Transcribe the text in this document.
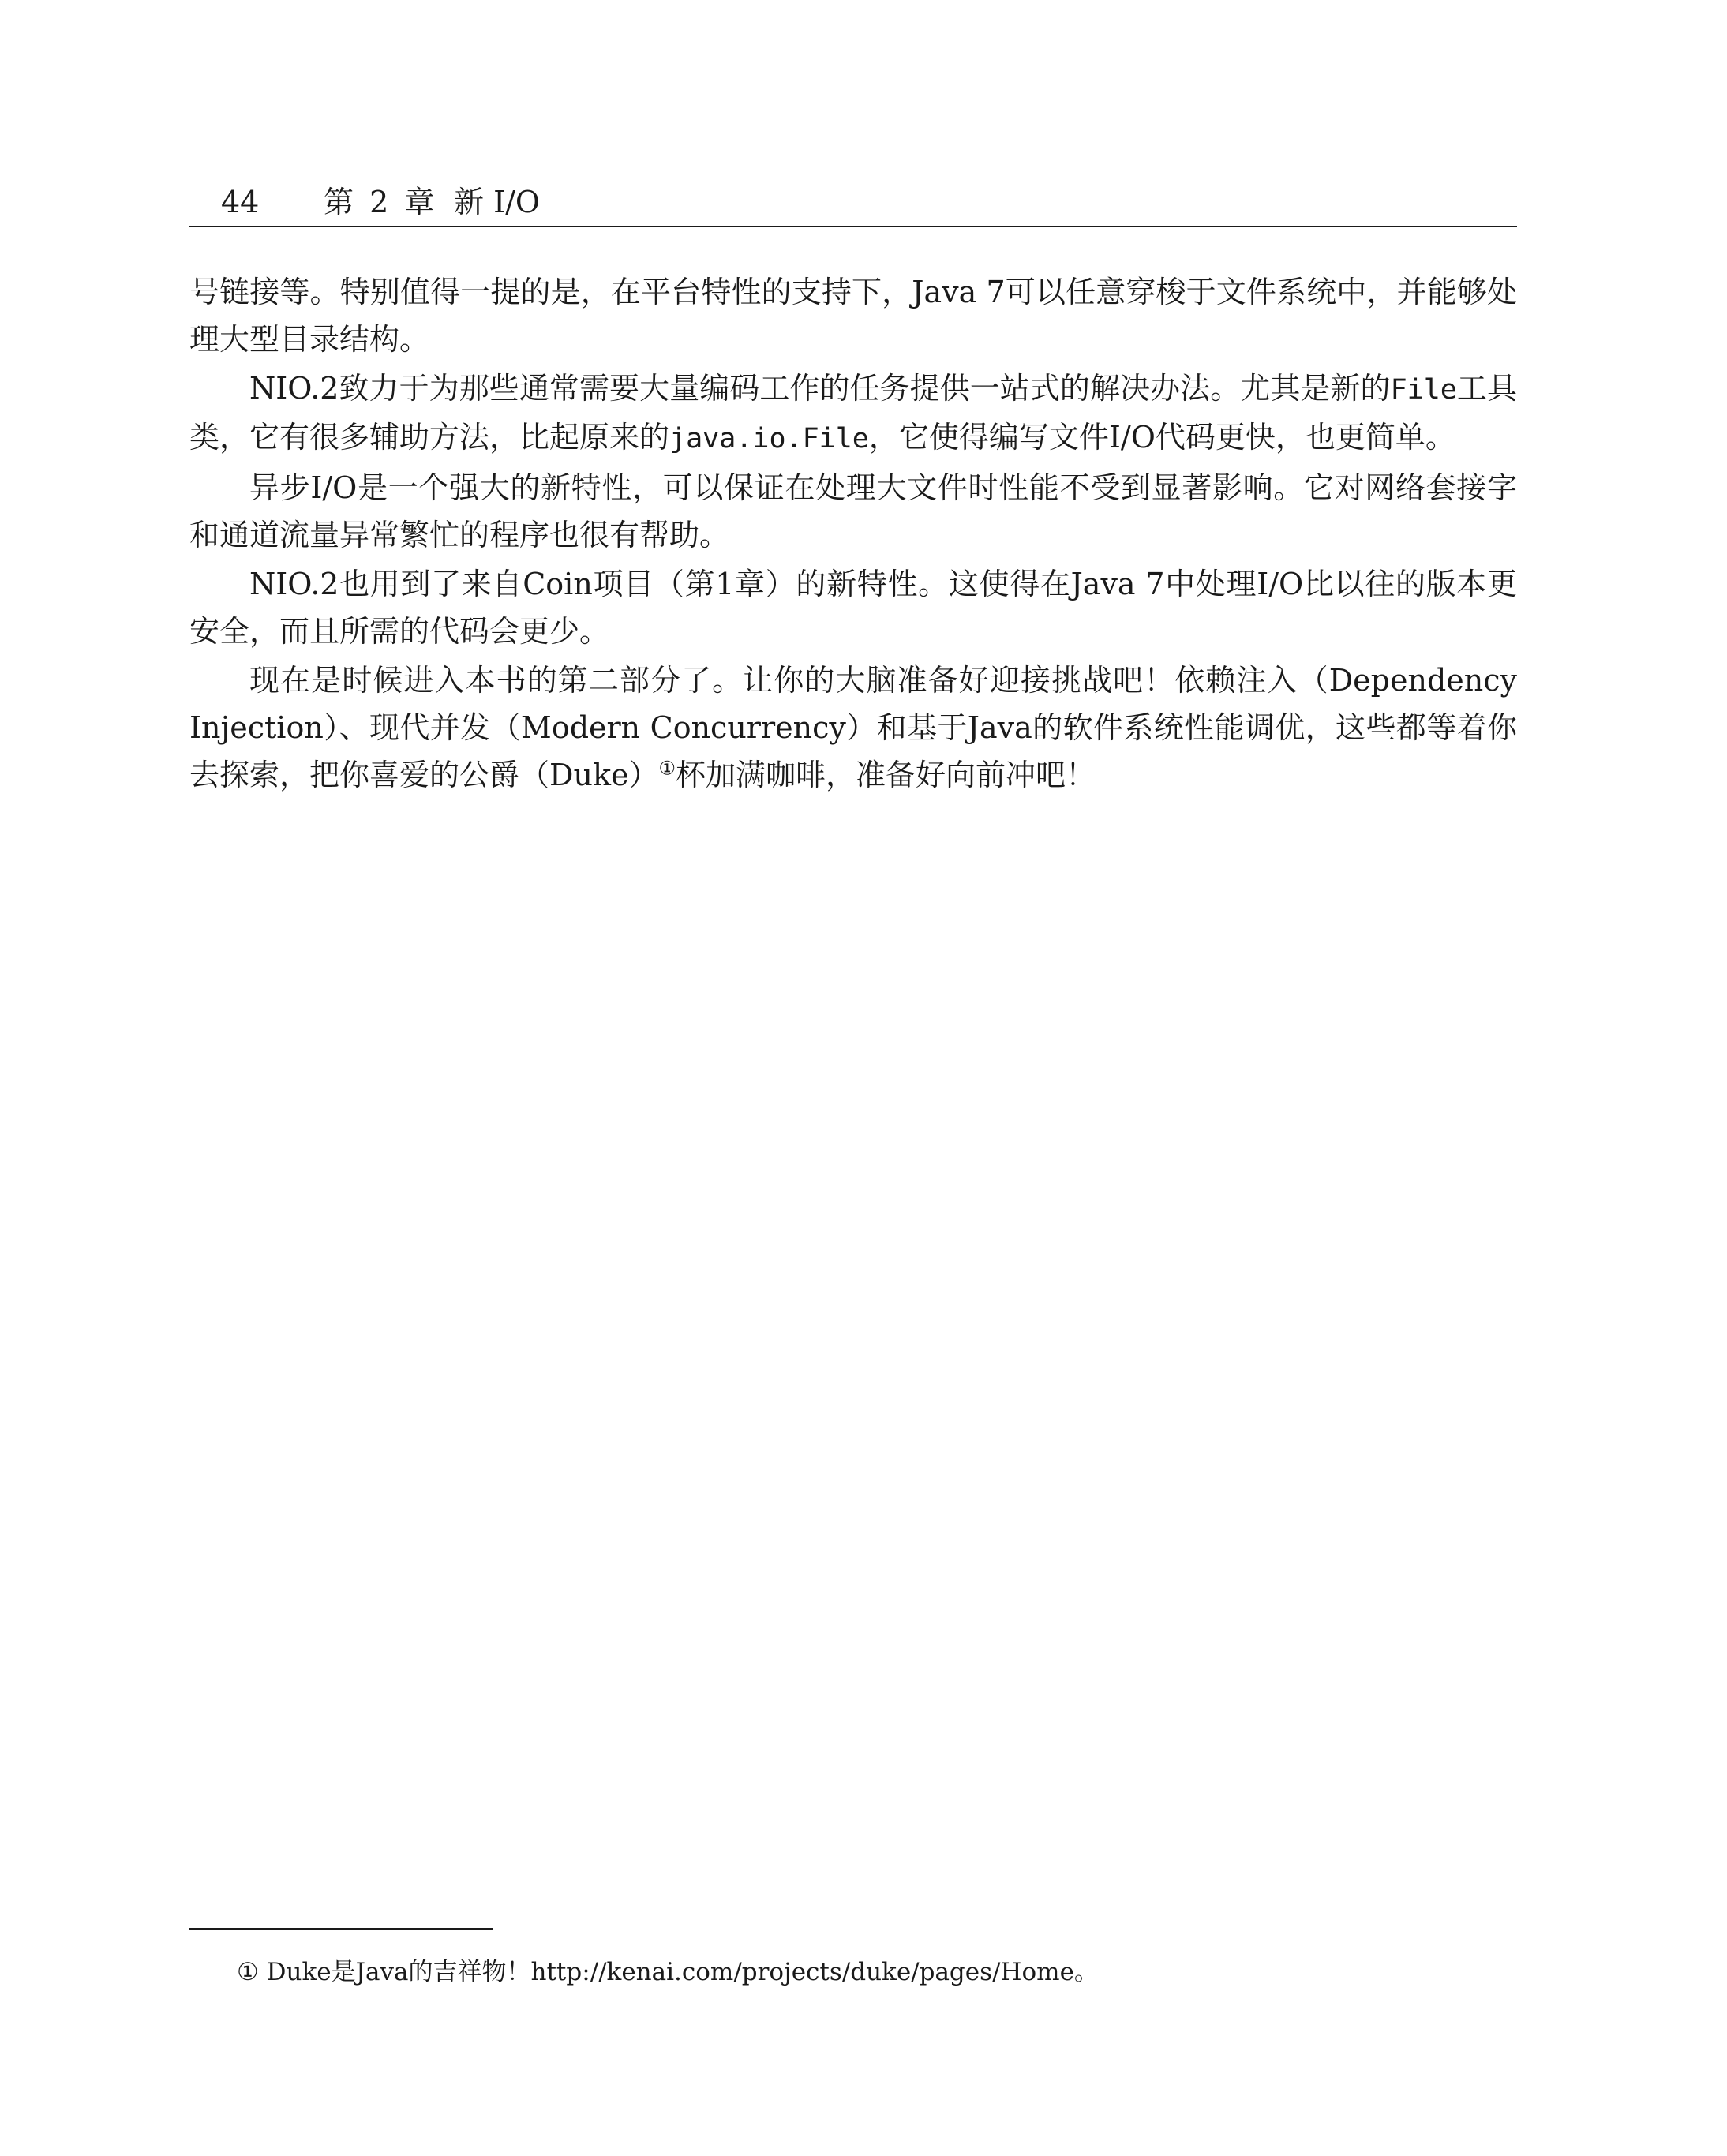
44 第 2 章 新 I/O

号链接等。特别值得一提的是，在平台特性的支持下，Java 7可以任意穿梭于文件系统中，并能够处理大型目录结构。

NIO.2致力于为那些通常需要大量编码工作的任务提供一站式的解决办法。尤其是新的File工具类，它有很多辅助方法，比起原来的java.io.File，它使得编写文件I/O代码更快，也更简单。

异步I/O是一个强大的新特性，可以保证在处理大文件时性能不受到显著影响。它对网络套接字和通道流量异常繁忙的程序也很有帮助。

NIO.2也用到了来自Coin项目（第1章）的新特性。这使得在Java 7中处理I/O比以往的版本更安全，而且所需的代码会更少。

现在是时候进入本书的第二部分了。让你的大脑准备好迎接挑战吧！依赖注入（Dependency Injection）、现代并发（Modern Concurrency）和基于Java的软件系统性能调优，这些都等着你去探索，把你喜爱的公爵（Duke）①杯加满咖啡，准备好向前冲吧！

① Duke是Java的吉祥物！http://kenai.com/projects/duke/pages/Home。
